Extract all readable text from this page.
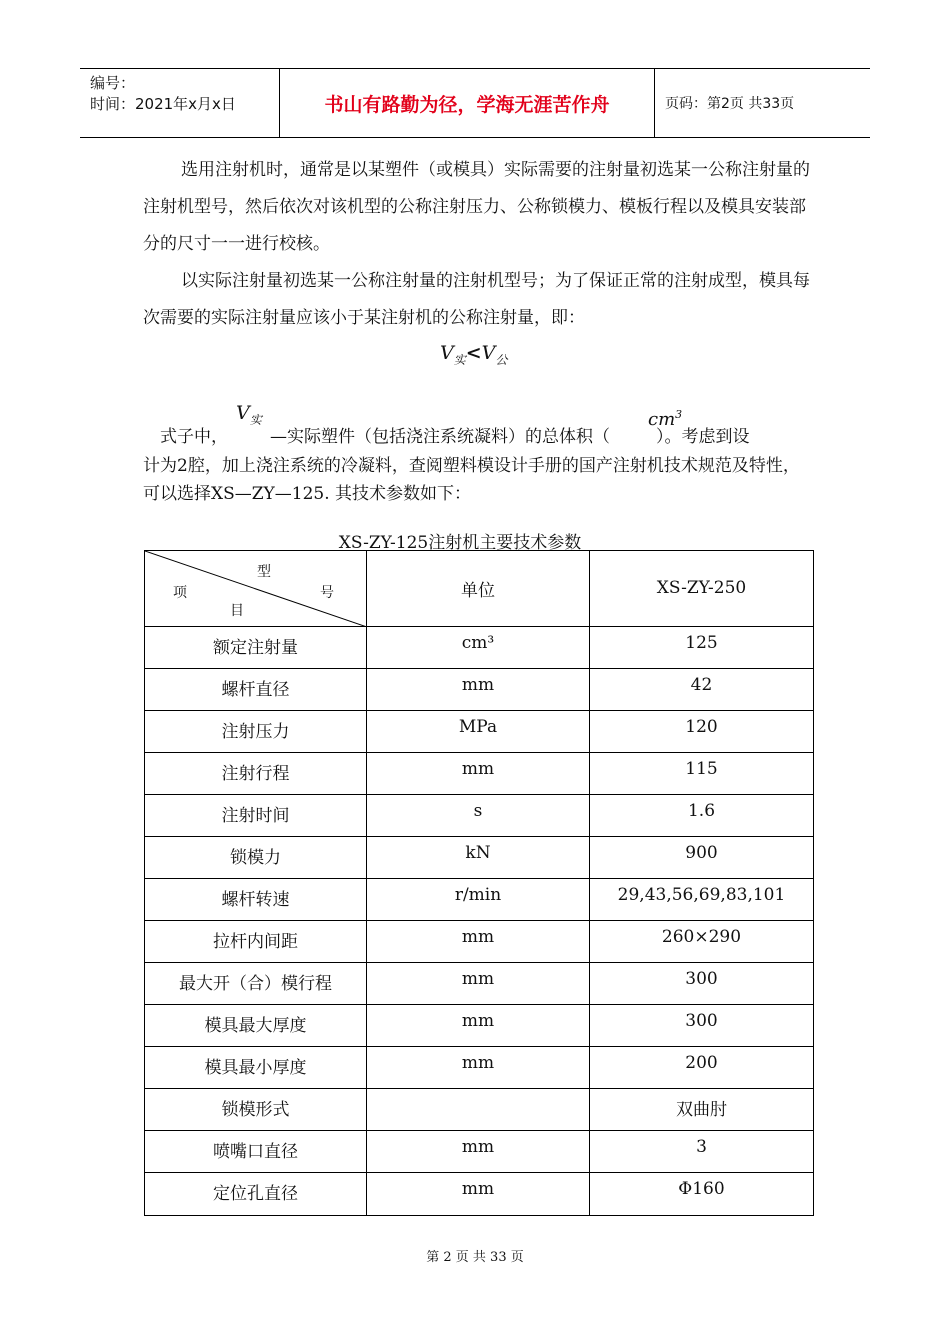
编号：
时间：2021年x月x日	书山有路勤为径，学海无涯苦作舟	页码：第2页 共33页

选用注射机时，通常是以某塑件（或模具）实际需要的注射量初选某一公称注射量的注射机型号，然后依次对该机型的公称注射压力、公称锁模力、模板行程以及模具安装部分的尺寸一一进行校核。

以实际注射量初选某一公称注射量的注射机型号；为了保证正常的注射成型，模具每次需要的实际注射量应该小于某注射机的公称注射量，即：

$V_实<V_公$
$V_实$	$cm^3$
式子中， —实际塑件（包括浇注系统凝料）的总体积（	）。考虑到设

计为2腔，加上浇注系统的冷凝料，查阅塑料模设计手册的国产注射机技术规范及特性，可以选择XS—ZY—125. 其技术参数如下：

XS-ZY-125注射机主要技术参数
型
项 号
目	单位	XS-ZY-250
额定注射量	cm³	125
螺杆直径	mm	42
注射压力	MPa	120
注射行程	mm	115
注射时间	s	1.6
锁模力	kN	900
螺杆转速	r/min	29,43,56,69,83,101
拉杆内间距	mm	260×290
最大开（合）模行程	mm	300
模具最大厚度	mm	300
模具最小厚度	mm	200
锁模形式		双曲肘
喷嘴口直径	mm	3
定位孔直径	mm	Φ160
第 2 页 共 33 页
